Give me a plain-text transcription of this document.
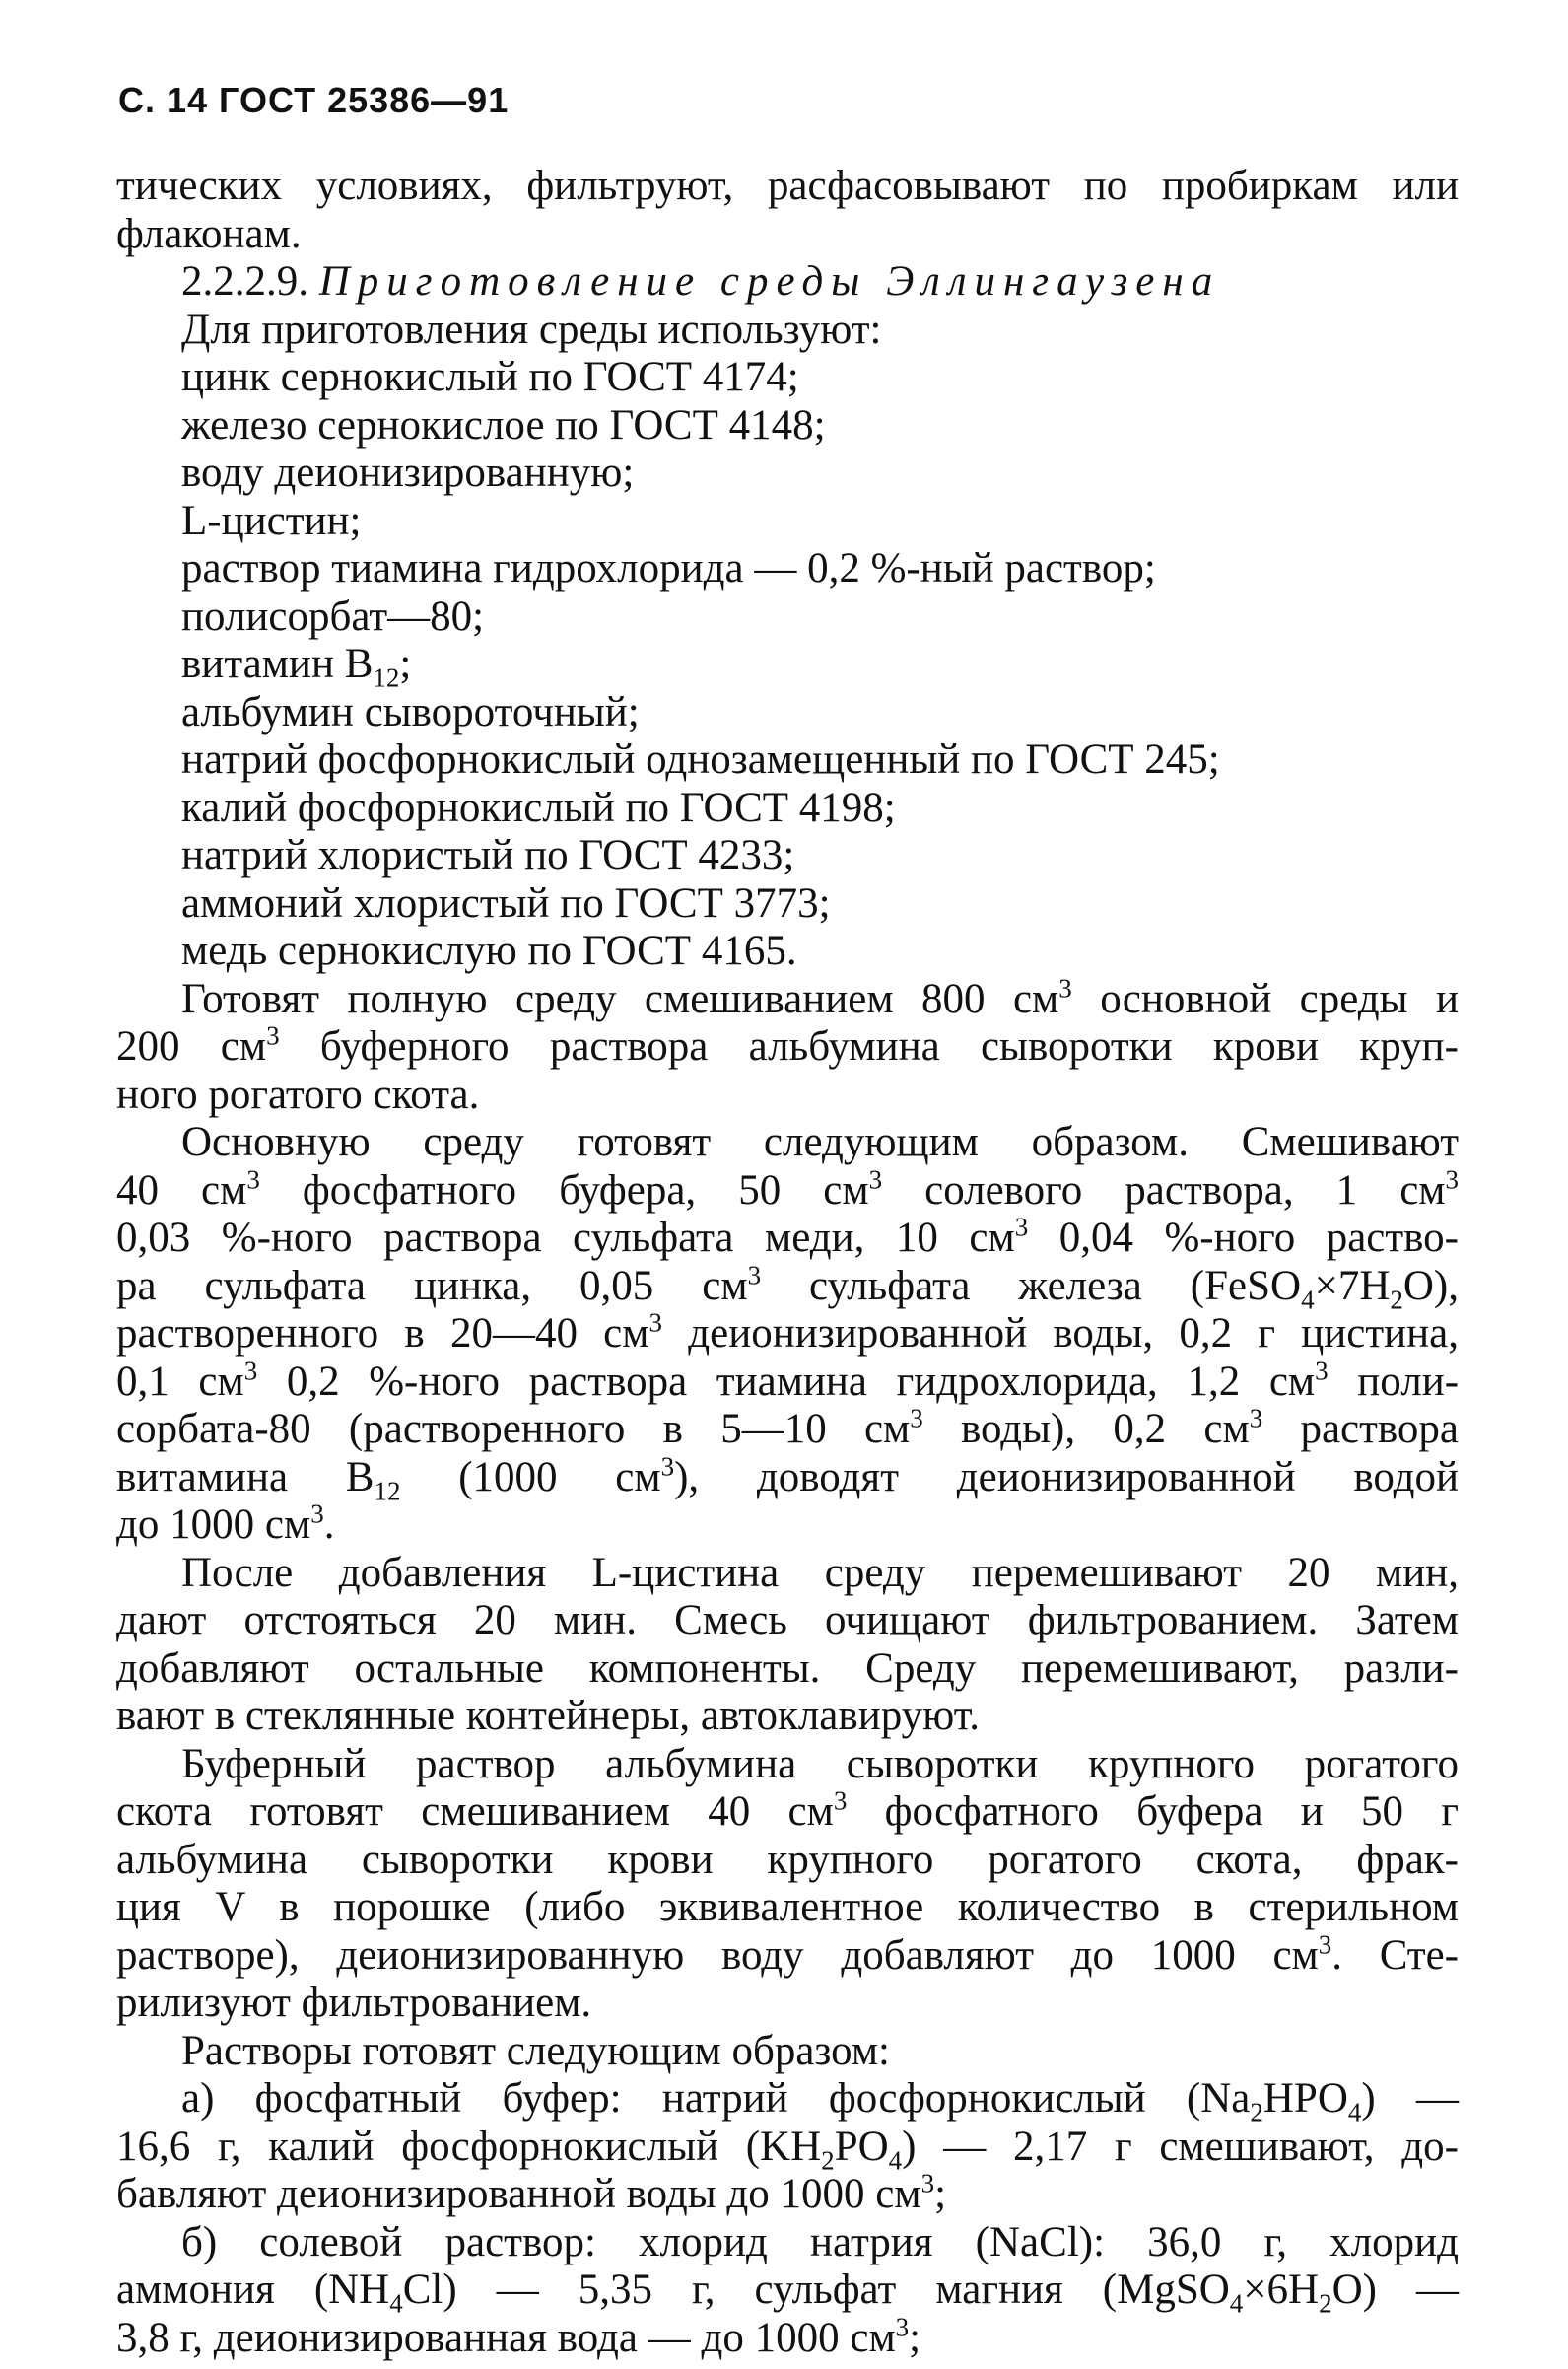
С. 14 ГОСТ 25386—91
тических условиях, фильтруют, расфасовывают по пробиркам или
флаконам.
2.2.2.9. Приготовление среды Эллингаузена
Для приготовления среды используют:
цинк сернокислый по ГОСТ 4174;
железо сернокислое по ГОСТ 4148;
воду деионизированную;
L-цистин;
раствор тиамина гидрохлорида — 0,2 %-ный раствор;
полисорбат—80;
витамин $B_{12}$;
альбумин сывороточный;
натрий фосфорнокислый однозамещенный по ГОСТ 245;
калий фосфорнокислый по ГОСТ 4198;
натрий хлористый по ГОСТ 4233;
аммоний хлористый по ГОСТ 3773;
медь сернокислую по ГОСТ 4165.
Готовят полную среду смешиванием 800 $см^3$ основной среды и
200 $см^3$ буферного раствора альбумина сыворотки крови круп-
ного рогатого скота.
Основную среду готовят следующим образом. Смешивают
40 $см^3$ фосфатного буфера, 50 $см^3$ солевого раствора, 1 $см^3$
0,03 %-ного раствора сульфата меди, 10 $см^3$ 0,04 %-ного раство-
ра сульфата цинка, 0,05 $см^3$ сульфата железа $(FeSO_4\times 7H_2O)$,
растворенного в 20—40 $см^3$ деионизированной воды, 0,2 г цистина,
0,1 $см^3$ 0,2 %-ного раствора тиамина гидрохлорида, 1,2 $см^3$ поли-
сорбата-80 (растворенного в 5—10 $см^3$ воды), 0,2 $см^3$ раствора
витамина $B_{12}$ (1000 $см^3$), доводят деионизированной водой
до 1000 $см^3$.
После добавления L-цистина среду перемешивают 20 мин,
дают отстояться 20 мин. Смесь очищают фильтрованием. Затем
добавляют остальные компоненты. Среду перемешивают, разли-
вают в стеклянные контейнеры, автоклавируют.
Буферный раствор альбумина сыворотки крупного рогатого
скота готовят смешиванием 40 $см^3$ фосфатного буфера и 50 г
альбумина сыворотки крови крупного рогатого скота, фрак-
ция V в порошке (либо эквивалентное количество в стерильном
растворе), деионизированную воду добавляют до 1000 $см^3$. Сте-
рилизуют фильтрованием.
Растворы готовят следующим образом:
а) фосфатный буфер: натрий фосфорнокислый $(Na_2HPO_4)$ —
16,6 г, калий фосфорнокислый $(KH_2PO_4)$ — 2,17 г смешивают, до-
бавляют деионизированной воды до 1000 $см^3$;
б) солевой раствор: хлорид натрия (NaCl): 36,0 г, хлорид
аммония $(NH_4Cl)$ — 5,35 г, сульфат магния $(MgSO_4\times 6H_2O)$ —
3,8 г, деионизированная вода — до 1000 $см^3$;
